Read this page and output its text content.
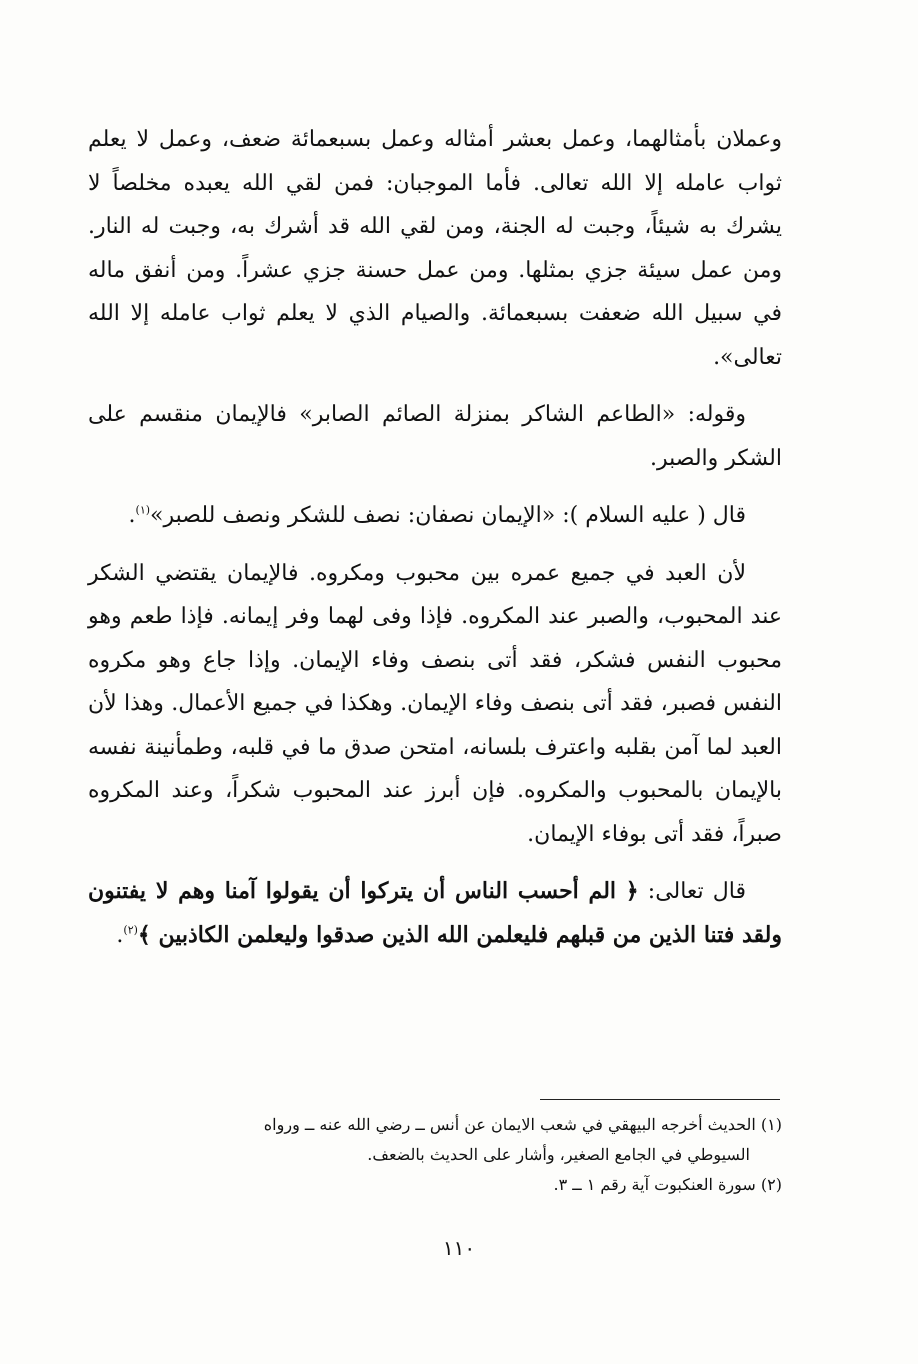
وعملان بأمثالهما، وعمل بعشر أمثاله وعمل بسبعمائة ضعف، وعمل لا يعلم ثواب عامله إلا الله تعالى. فأما الموجبان: فمن لقي الله يعبده مخلصاً لا يشرك به شيئاً، وجبت له الجنة، ومن لقي الله قد أشرك به، وجبت له النار. ومن عمل سيئة جزي بمثلها. ومن عمل حسنة جزي عشراً. ومن أنفق ماله في سبيل الله ضعفت بسبعمائة. والصيام الذي لا يعلم ثواب عامله إلا الله تعالى».

وقوله: «الطاعم الشاكر بمنزلة الصائم الصابر» فالإيمان منقسم على الشكر والصبر.

قال ( عليه السلام ): «الإيمان نصفان: نصف للشكر ونصف للصبر»$^{(١)}$.

لأن العبد في جميع عمره بين محبوب ومكروه. فالإيمان يقتضي الشكر عند المحبوب، والصبر عند المكروه. فإذا وفى لهما وفر إيمانه. فإذا طعم وهو محبوب النفس فشكر، فقد أتى بنصف وفاء الإيمان. وإذا جاع وهو مكروه النفس فصبر، فقد أتى بنصف وفاء الإيمان. وهكذا في جميع الأعمال. وهذا لأن العبد لما آمن بقلبه واعترف بلسانه، امتحن صدق ما في قلبه، وطمأنينة نفسه بالإيمان بالمحبوب والمكروه. فإن أبرز عند المحبوب شكراً، وعند المكروه صبراً، فقد أتى بوفاء الإيمان.

قال تعالى: ﴿ الم أحسب الناس أن يتركوا أن يقولوا آمنا وهم لا يفتنون ولقد فتنا الذين من قبلهم فليعلمن الله الذين صدقوا وليعلمن الكاذبين ﴾$^{(٢)}$.

(١) الحديث أخرجه البيهقي في شعب الايمان عن أنس ــ رضي الله عنه ــ ورواه

السيوطي في الجامع الصغير، وأشار على الحديث بالضعف.

(٢) سورة العنكبوت آية رقم ١ ــ ٣.

١١٠
